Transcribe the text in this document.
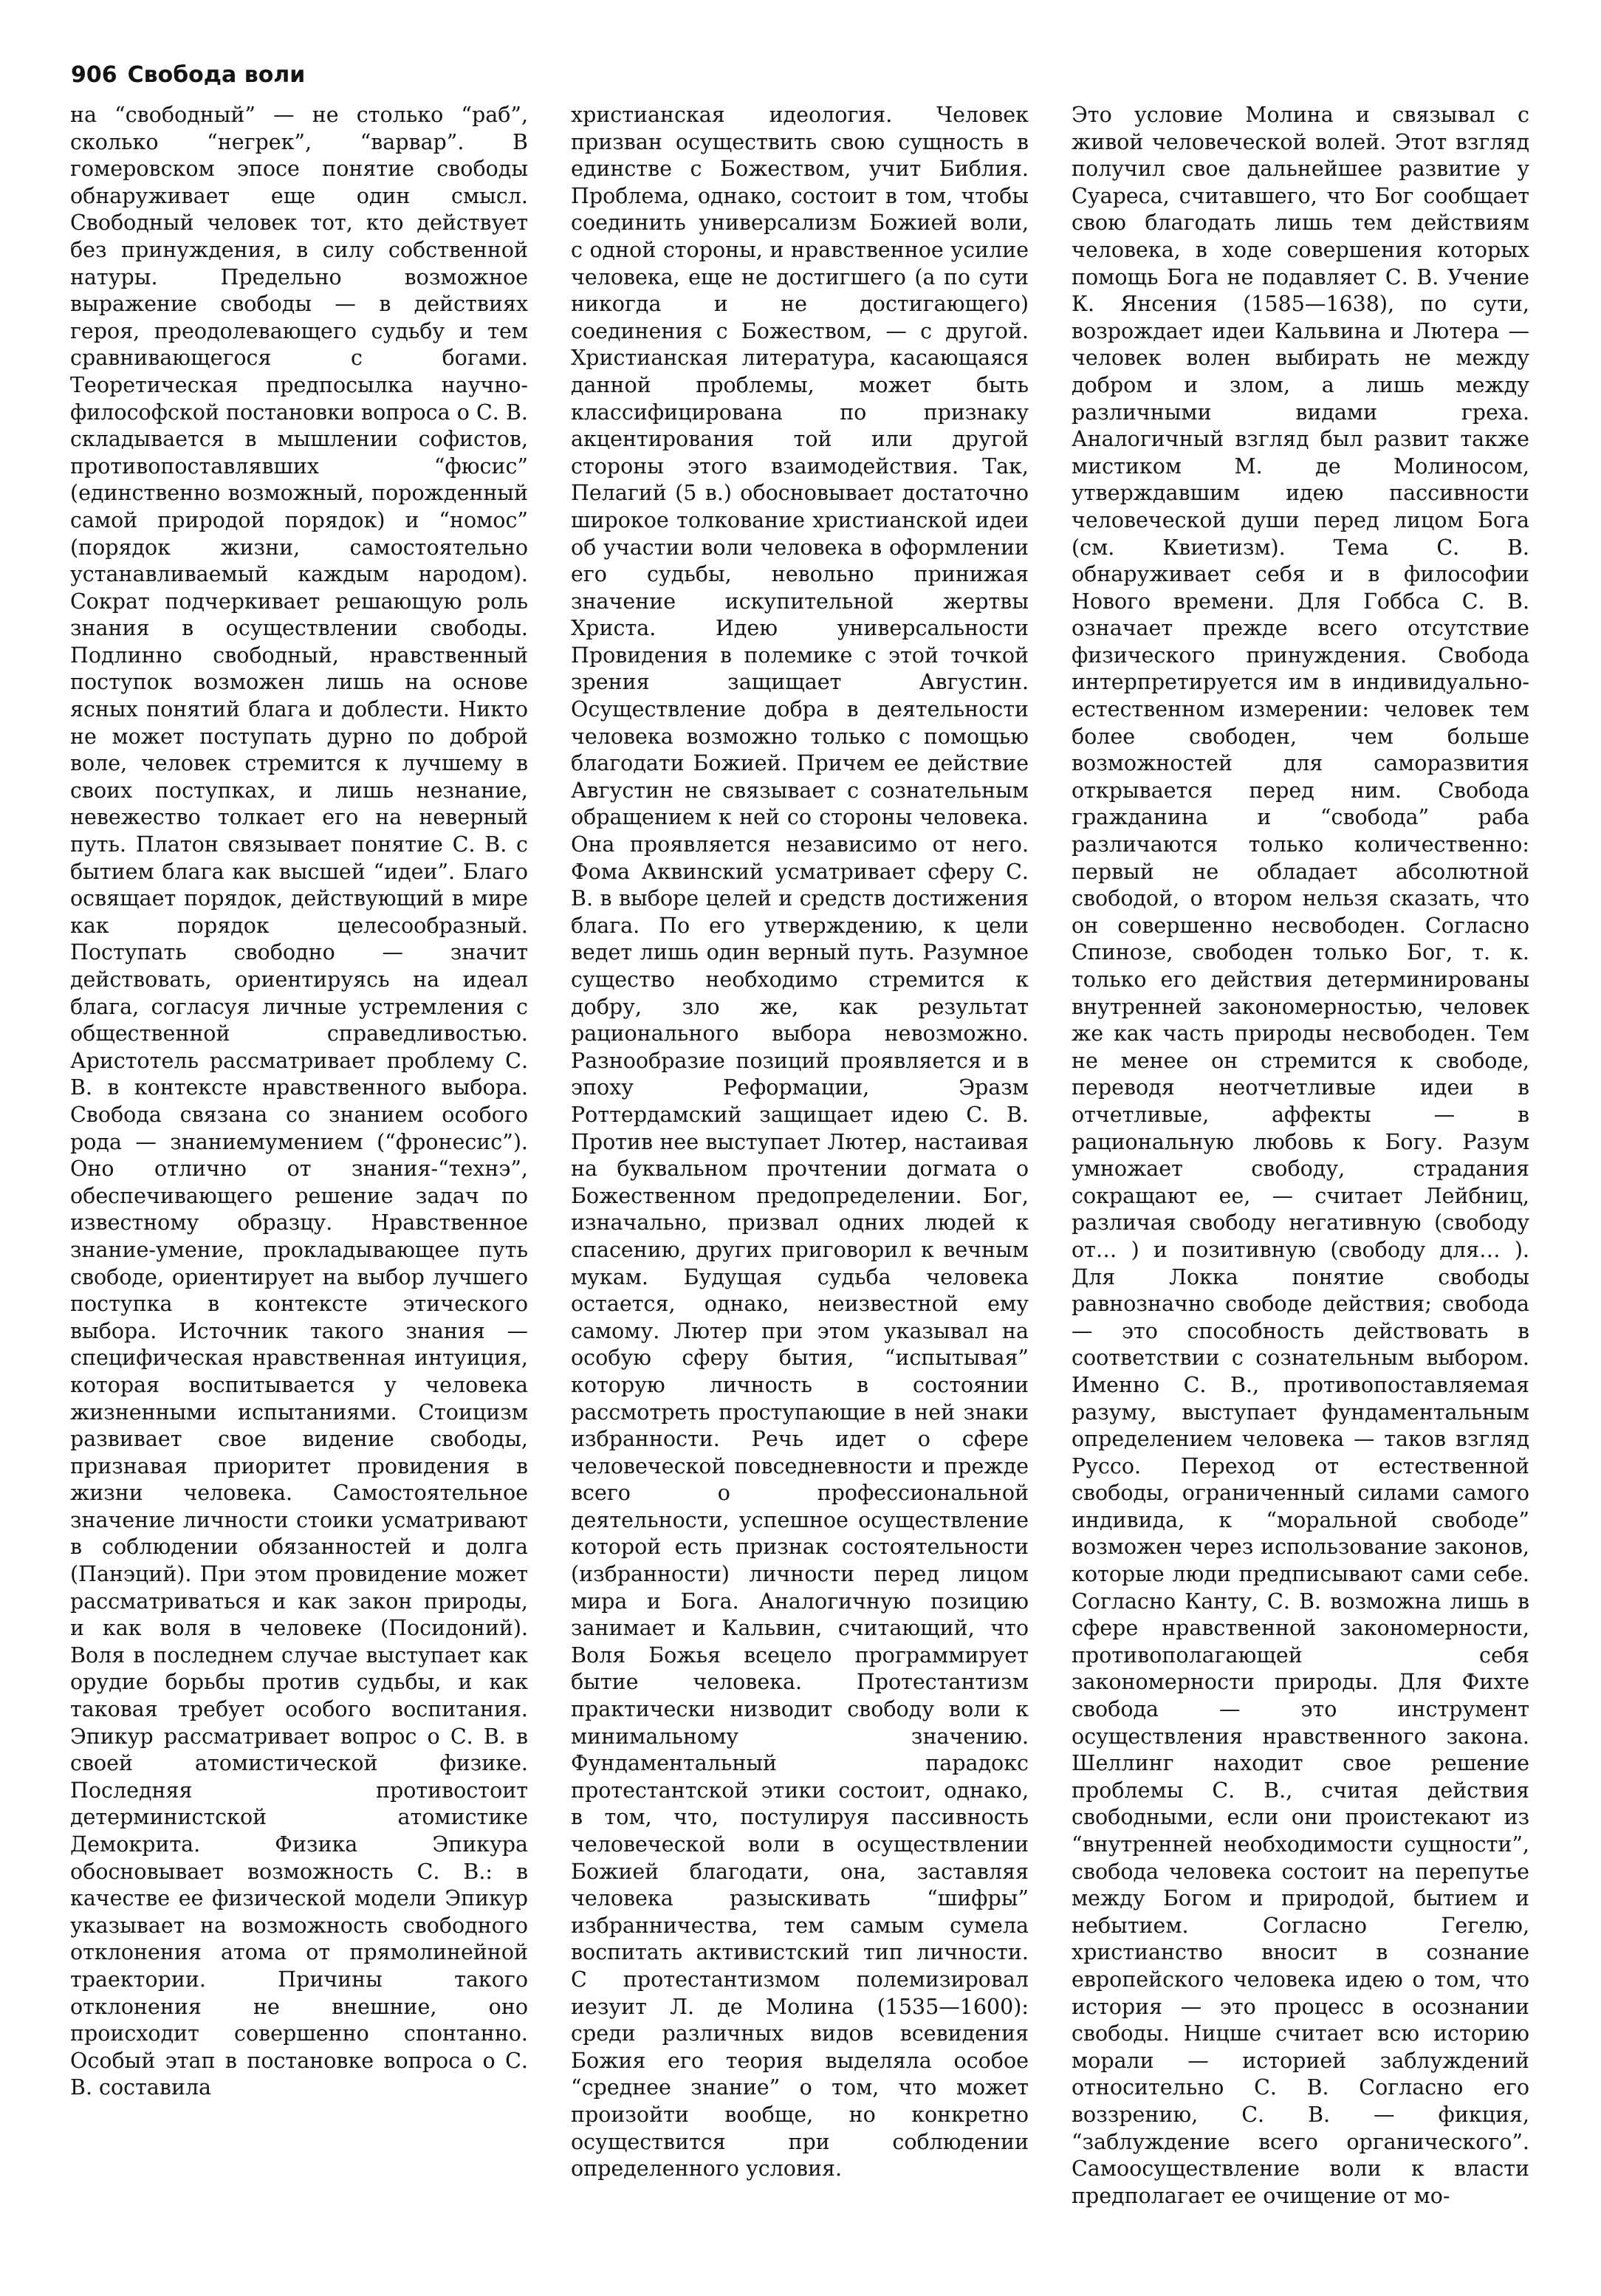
906 Свобода воли

на “свободный” — не столько “раб”, сколько “негрек”, “варвар”. В гомеровском эпосе понятие свободы обнаруживает еще один смысл. Свободный человек тот, кто действует без принуждения, в силу собственной натуры. Предельно возможное выражение свободы — в действиях героя, преодолевающего судьбу и тем сравнивающегося с богами. Теоретическая предпосылка научно-философской постановки вопроса о С. В. складывается в мышлении софистов, противопоставлявших “фюсис” (единственно возможный, порожденный самой природой порядок) и “номос” (порядок жизни, самостоятельно устанавливаемый каждым народом). Сократ подчеркивает решающую роль знания в осуществлении свободы. Подлинно свободный, нравственный поступок возможен лишь на основе ясных понятий блага и доблести. Никто не может поступать дурно по доброй воле, человек стремится к лучшему в своих поступках, и лишь незнание, невежество толкает его на неверный путь. Платон связывает понятие С. В. с бытием блага как высшей “идеи”. Благо освящает порядок, действующий в мире как порядок целесообразный. Поступать свободно — значит действовать, ориентируясь на идеал блага, согласуя личные устремления с общественной справедливостью. Аристотель рассматривает проблему С. В. в контексте нравственного выбора. Свобода связана со знанием особого рода — знаниемумением (“фронесис”). Оно отлично от знания-“технэ”, обеспечивающего решение задач по известному образцу. Нравственное знание-умение, прокладывающее путь свободе, ориентирует на выбор лучшего поступка в контексте этического выбора. Источник такого знания — специфическая нравственная интуиция, которая воспитывается у человека жизненными испытаниями. Стоицизм развивает свое видение свободы, признавая приоритет провидения в жизни человека. Самостоятельное значение личности стоики усматривают в соблюдении обязанностей и долга (Панэций). При этом провидение может рассматриваться и как закон природы, и как воля в человеке (Посидоний). Воля в последнем случае выступает как орудие борьбы против судьбы, и как таковая требует особого воспитания. Эпикур рассматривает вопрос о С. В. в своей атомистической физике. Последняя противостоит детерминистской атомистике Демокрита. Физика Эпикура обосновывает возможность С. В.: в качестве ее физической модели Эпикур указывает на возможность свободного отклонения атома от прямолинейной траектории. Причины такого отклонения не внешние, оно происходит совершенно спонтанно. Особый этап в постановке вопроса о С. В. составила

христианская идеология. Человек призван осуществить свою сущность в единстве с Божеством, учит Библия. Проблема, однако, состоит в том, чтобы соединить универсализм Божией воли, с одной стороны, и нравственное усилие человека, еще не достигшего (а по сути никогда и не достигающего) соединения с Божеством, — с другой. Христианская литература, касающаяся данной проблемы, может быть классифицирована по признаку акцентирования той или другой стороны этого взаимодействия. Так, Пелагий (5 в.) обосновывает достаточно широкое толкование христианской идеи об участии воли человека в оформлении его судьбы, невольно принижая значение искупительной жертвы Христа. Идею универсальности Провидения в полемике с этой точкой зрения защищает Августин. Осуществление добра в деятельности человека возможно только с помощью благодати Божией. Причем ее действие Августин не связывает с сознательным обращением к ней со стороны человека. Она проявляется независимо от него. Фома Аквинский усматривает сферу С. В. в выборе целей и средств достижения блага. По его утверждению, к цели ведет лишь один верный путь. Разумное существо необходимо стремится к добру, зло же, как результат рационального выбора невозможно. Разнообразие позиций проявляется и в эпоху Реформации, Эразм Роттердамский защищает идею С. В. Против нее выступает Лютер, настаивая на буквальном прочтении догмата о Божественном предопределении. Бог, изначально, призвал одних людей к спасению, других приговорил к вечным мукам. Будущая судьба человека остается, однако, неизвестной ему самому. Лютер при этом указывал на особую сферу бытия, “испытывая” которую личность в состоянии рассмотреть проступающие в ней знаки избранности. Речь идет о сфере человеческой повседневности и прежде всего о профессиональной деятельности, успешное осуществление которой есть признак состоятельности (избранности) личности перед лицом мира и Бога. Аналогичную позицию занимает и Кальвин, считающий, что Воля Божья всецело программирует бытие человека. Протестантизм практически низводит свободу воли к минимальному значению. Фундаментальный парадокс протестантской этики состоит, однако, в том, что, постулируя пассивность человеческой воли в осуществлении Божией благодати, она, заставляя человека разыскивать “шифры” избранничества, тем самым сумела воспитать активистский тип личности. С протестантизмом полемизировал иезуит Л. де Молина (1535—1600): среди различных видов всевидения Божия его теория выделяла особое “среднее знание” о том, что может произойти вообще, но конкретно осуществится при соблюдении определенного условия.

Это условие Молина и связывал с живой человеческой волей. Этот взгляд получил свое дальнейшее развитие у Суареса, считавшего, что Бог сообщает свою благодать лишь тем действиям человека, в ходе совершения которых помощь Бога не подавляет С. В. Учение К. Янсения (1585—1638), по сути, возрождает идеи Кальвина и Лютера — человек волен выбирать не между добром и злом, а лишь между различными видами греха. Аналогичный взгляд был развит также мистиком М. де Молиносом, утверждавшим идею пассивности человеческой души перед лицом Бога (см. Квиетизм). Тема С. В. обнаруживает себя и в философии Нового времени. Для Гоббса С. В. означает прежде всего отсутствие физического принуждения. Свобода интерпретируется им в индивидуально-естественном измерении: человек тем более свободен, чем больше возможностей для саморазвития открывается перед ним. Свобода гражданина и “свобода” раба различаются только количественно: первый не обладает абсолютной свободой, о втором нельзя сказать, что он совершенно несвободен. Согласно Спинозе, свободен только Бог, т. к. только его действия детерминированы внутренней закономерностью, человек же как часть природы несвободен. Тем не менее он стремится к свободе, переводя неотчетливые идеи в отчетливые, аффекты — в рациональную любовь к Богу. Разум умножает свободу, страдания сокращают ее, — считает Лейбниц, различая свободу негативную (свободу от… ) и позитивную (свободу для… ). Для Локка понятие свободы равнозначно свободе действия; свобода — это способность действовать в соответствии с сознательным выбором. Именно С. В., противопоставляемая разуму, выступает фундаментальным определением человека — таков взгляд Руссо. Переход от естественной свободы, ограниченный силами самого индивида, к “моральной свободе” возможен через использование законов, которые люди предписывают сами себе. Согласно Канту, С. В. возможна лишь в сфере нравственной закономерности, противополагающей себя закономерности природы. Для Фихте свобода — это инструмент осуществления нравственного закона. Шеллинг находит свое решение проблемы С. В., считая действия свободными, если они проистекают из “внутренней необходимости сущности”, свобода человека состоит на перепутье между Богом и природой, бытием и небытием. Согласно Гегелю, христианство вносит в сознание европейского человека идею о том, что история — это процесс в осознании свободы. Ницше считает всю историю морали — историей заблуждений относительно С. В. Согласно его воззрению, С. В. — фикция, “заблуждение всего органического”. Самоосуществление воли к власти предполагает ее очищение от мо-
